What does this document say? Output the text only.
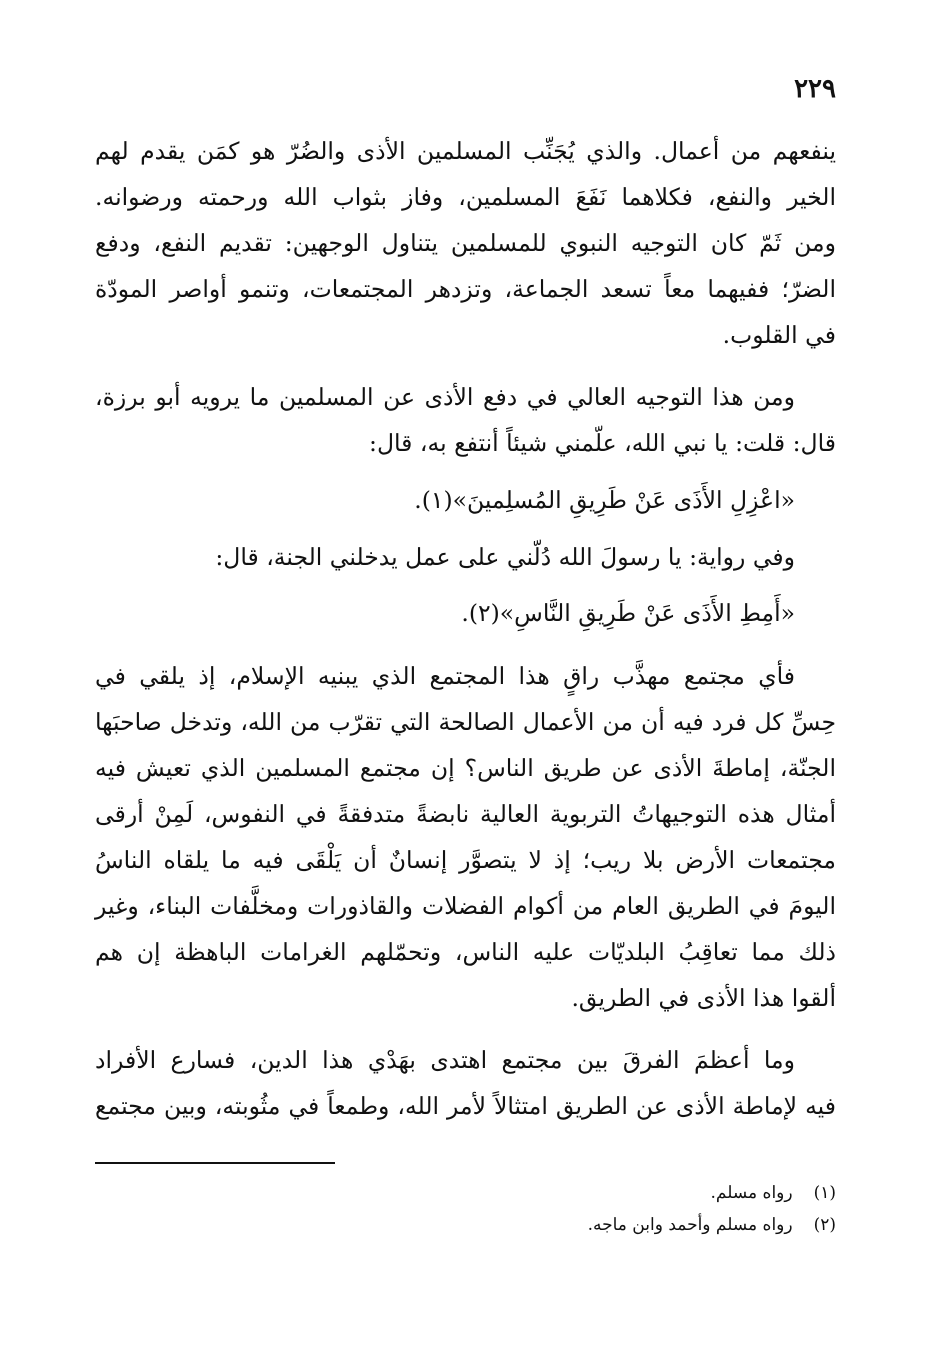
٢٢٩
ينفعهم من أعمال. والذي يُجَنِّب المسلمين الأذى والضُرّ هو كمَن يقدم لهم
الخير والنفع، فكلاهما نَفَعَ المسلمين، وفاز بثواب الله ورحمته ورضوانه.
ومن ثَمّ كان التوجيه النبوي للمسلمين يتناول الوجهين: تقديم النفع، ودفع
الضرّ؛ ففيهما معاً تسعد الجماعة، وتزدهر المجتمعات، وتنمو أواصر المودّة
في القلوب.
ومن هذا التوجيه العالي في دفع الأذى عن المسلمين ما يرويه أبو برزة،
قال: قلت: يا نبي الله، علّمني شيئاً أنتفع به، قال:
«اعْزِلِ الأَذَى عَنْ طَرِيقِ المُسلِمينَ»(١).
وفي رواية: يا رسولَ الله دُلّني على عمل يدخلني الجنة، قال:
«أَمِطِ الأَذَى عَنْ طَرِيقِ النَّاسِ»(٢).
فأي مجتمع مهذَّب راقٍ هذا المجتمع الذي يبنيه الإسلام، إذ يلقي في
حِسِّ كل فرد فيه أن من الأعمال الصالحة التي تقرّب من الله، وتدخل صاحبَها
الجنّة، إماطةَ الأذى عن طريق الناس؟ إن مجتمع المسلمين الذي تعيش فيه
أمثال هذه التوجيهاتُ التربوية العالية نابضةً متدفقةً في النفوس، لَمِنْ أرقى
مجتمعات الأرض بلا ريب؛ إذ لا يتصوَّر إنسانٌ أن يَلْقَى فيه ما يلقاه الناسُ
اليومَ في الطريق العام من أكوام الفضلات والقاذورات ومخلَّفات البناء، وغير
ذلك مما تعاقِبُ البلديّات عليه الناس، وتحمّلهم الغرامات الباهظة إن هم
ألقوا هذا الأذى في الطريق.
وما أعظمَ الفرقَ بين مجتمع اهتدى بهَدْي هذا الدين، فسارع الأفراد
فيه لإماطة الأذى عن الطريق امتثالاً لأمر الله، وطمعاً في مثُوبته، وبين مجتمع
(١) رواه مسلم.
(٢) رواه مسلم وأحمد وابن ماجه.
